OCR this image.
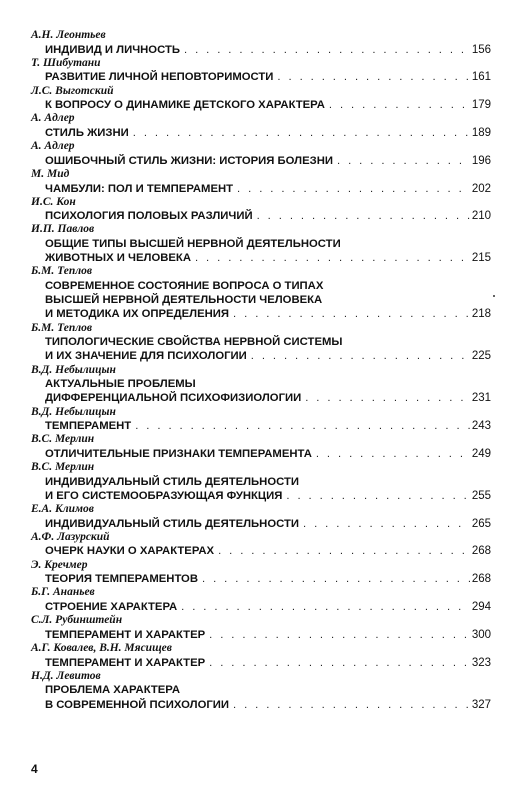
А.Н. Леонтьев
ИНДИВИД И ЛИЧНОСТЬ . . .	156
Т. Шибутани
РАЗВИТИЕ ЛИЧНОЙ НЕПОВТОРИМОСТИ . . .	161
Л.С. Выготский
К ВОПРОСУ О ДИНАМИКЕ ДЕТСКОГО ХАРАКТЕРА . . .	179
А. Адлер
СТИЛЬ ЖИЗНИ . . .	189
А. Адлер
ОШИБОЧНЫЙ СТИЛЬ ЖИЗНИ: ИСТОРИЯ БОЛЕЗНИ . . .	196
М. Мид
ЧАМБУЛИ: ПОЛ И ТЕМПЕРАМЕНТ . . .	202
И.С. Кон
ПСИХОЛОГИЯ ПОЛОВЫХ РАЗЛИЧИЙ . . .	210
И.П. Павлов
ОБЩИЕ ТИПЫ ВЫСШЕЙ НЕРВНОЙ ДЕЯТЕЛЬНОСТИ
ЖИВОТНЫХ И ЧЕЛОВЕКА . . .	215
Б.М. Теплов
СОВРЕМЕННОЕ СОСТОЯНИЕ ВОПРОСА О ТИПАХ
ВЫСШЕЙ НЕРВНОЙ ДЕЯТЕЛЬНОСТИ ЧЕЛОВЕКА
И МЕТОДИКА ИХ ОПРЕДЕЛЕНИЯ . . .	218
Б.М. Теплов
ТИПОЛОГИЧЕСКИЕ СВОЙСТВА НЕРВНОЙ СИСТЕМЫ
И ИХ ЗНАЧЕНИЕ ДЛЯ ПСИХОЛОГИИ . . .	225
В.Д. Небылицын
АКТУАЛЬНЫЕ ПРОБЛЕМЫ
ДИФФЕРЕНЦИАЛЬНОЙ ПСИХОФИЗИОЛОГИИ . . .	231
В.Д. Небылицын
ТЕМПЕРАМЕНТ . . .	243
В.С. Мерлин
ОТЛИЧИТЕЛЬНЫЕ ПРИЗНАКИ ТЕМПЕРАМЕНТА . . .	249
В.С. Мерлин
ИНДИВИДУАЛЬНЫЙ СТИЛЬ ДЕЯТЕЛЬНОСТИ
И ЕГО СИСТЕМООБРАЗУЮЩАЯ ФУНКЦИЯ . . .	255
Е.А. Климов
ИНДИВИДУАЛЬНЫЙ СТИЛЬ ДЕЯТЕЛЬНОСТИ . . .	265
А.Ф. Лазурский
ОЧЕРК НАУКИ О ХАРАКТЕРАХ . . .	268
Э. Кречмер
ТЕОРИЯ ТЕМПЕРАМЕНТОВ . . .	268
Б.Г. Ананьев
СТРОЕНИЕ ХАРАКТЕРА . . .	294
С.Л. Рубинштейн
ТЕМПЕРАМЕНТ И ХАРАКТЕР . . .	300
А.Г. Ковалев, В.Н. Мясищев
ТЕМПЕРАМЕНТ И ХАРАКТЕР . . .	323
Н.Д. Левитов
ПРОБЛЕМА ХАРАКТЕРА
В СОВРЕМЕННОЙ ПСИХОЛОГИИ . . .	327
4
